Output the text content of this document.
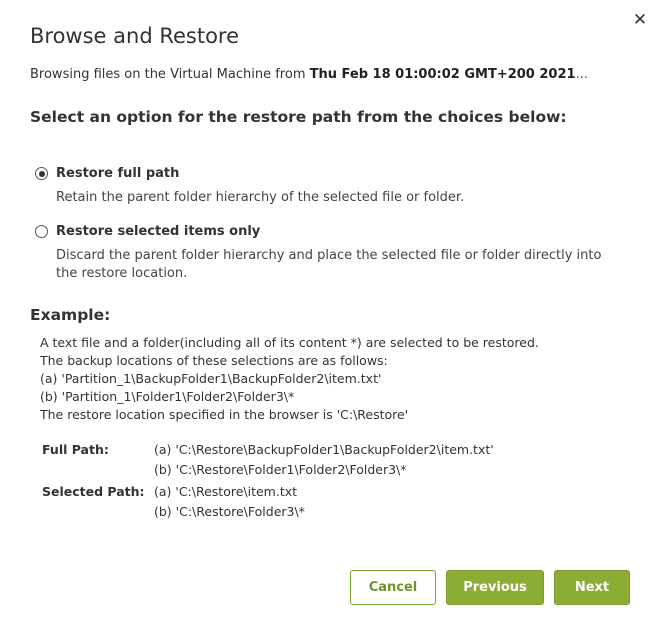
✕
Browse and Restore
Browsing files on the Virtual Machine from Thu Feb 18 01:00:02 GMT+200 2021...
Select an option for the restore path from the choices below:
Restore full path
Retain the parent folder hierarchy of the selected file or folder.
Restore selected items only
Discard the parent folder hierarchy and place the selected file or folder directly into the restore location.
Example:
A text file and a folder(including all of its content *) are selected to be restored.
The backup locations of these selections are as follows:
(a) 'Partition_1\BackupFolder1\BackupFolder2\item.txt'
(b) 'Partition_1\Folder1\Folder2\Folder3\*
The restore location specified in the browser is 'C:\Restore'
Full Path:	(a) 'C:\Restore\BackupFolder1\BackupFolder2\item.txt'
(b) 'C:\Restore\Folder1\Folder2\Folder3\*
Selected Path: (a) 'C:\Restore\item.txt
(b) 'C:\Restore\Folder3\*
Cancel	Previous	Next
